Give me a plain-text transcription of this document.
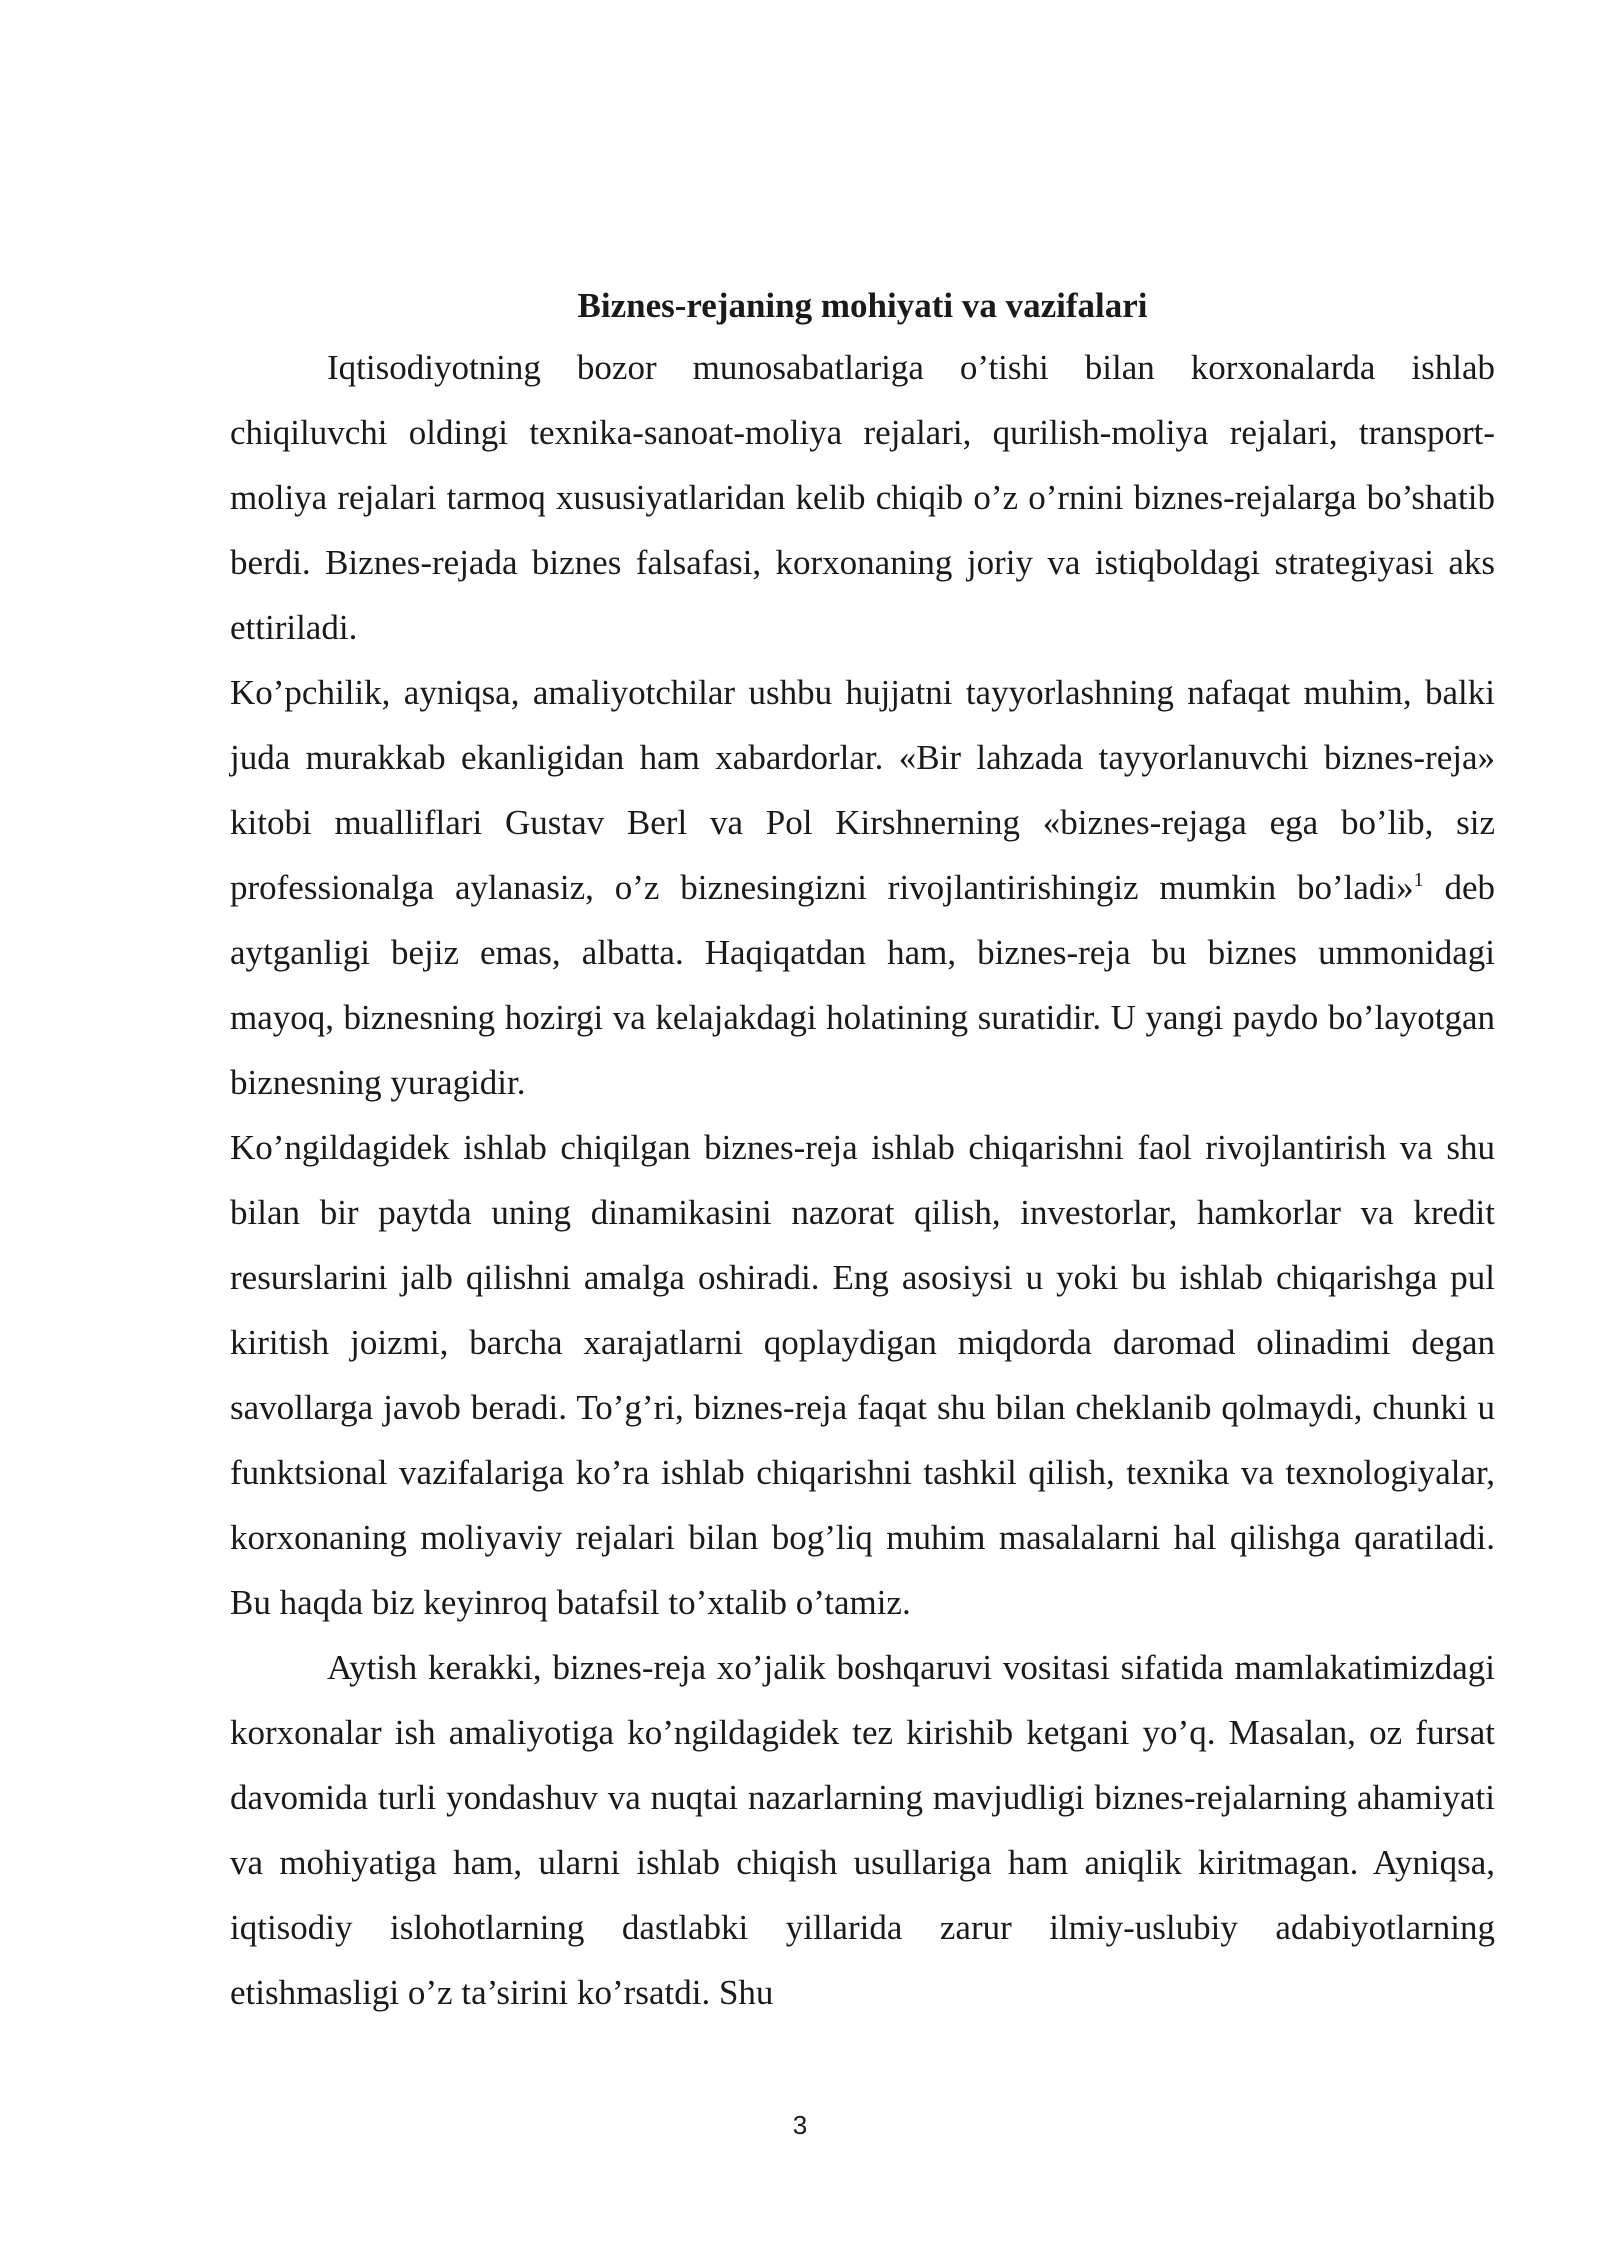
Biznes-rejaning mohiyati va vazifalari

Iqtisodiyotning bozor munosabatlariga o’tishi bilan korxonalarda ishlab chiqiluvchi oldingi texnika-sanoat-moliya rejalari, qurilish-moliya rejalari, transport-moliya rejalari tarmoq xususiyatlaridan kelib chiqib o’z o’rnini biznes-rejalarga bo’shatib berdi. Biznes-rejada biznes falsafasi, korxonaning joriy va istiqboldagi strategiyasi aks ettiriladi.

Ko’pchilik, ayniqsa, amaliyotchilar ushbu hujjatni tayyorlashning nafaqat muhim, balki juda murakkab ekanligidan ham xabardorlar. «Bir lahzada tayyorlanuvchi biznes-reja» kitobi mualliflari Gustav Berl va Pol Kirshnerning «biznes-rejaga ega bo’lib, siz professionalga aylanasiz, o’z biznesingizni rivojlantirishingiz mumkin bo’ladi»$^1$ deb aytganligi bejiz emas, albatta. Haqiqatdan ham, biznes-reja bu biznes ummonidagi mayoq, biznesning hozirgi va kelajakdagi holatining suratidir. U yangi paydo bo’layotgan biznesning yuragidir.

Ko’ngildagidek ishlab chiqilgan biznes-reja ishlab chiqarishni faol rivojlantirish va shu bilan bir paytda uning dinamikasini nazorat qilish, investorlar, hamkorlar va kredit resurslarini jalb qilishni amalga oshiradi. Eng asosiysi u yoki bu ishlab chiqarishga pul kiritish joizmi, barcha xarajatlarni qoplaydigan miqdorda daromad olinadimi degan savollarga javob beradi. To’g’ri, biznes-reja faqat shu bilan cheklanib qolmaydi, chunki u funktsional vazifalariga ko’ra ishlab chiqarishni tashkil qilish, texnika va texnologiyalar, korxonaning moliyaviy rejalari bilan bog’liq muhim masalalarni hal qilishga qaratiladi. Bu haqda biz keyinroq batafsil to’xtalib o’tamiz.

Aytish kerakki, biznes-reja xo’jalik boshqaruvi vositasi sifatida mamlakatimizdagi korxonalar ish amaliyotiga ko’ngildagidek tez kirishib ketgani yo’q. Masalan, oz fursat davomida turli yondashuv va nuqtai nazarlarning mavjudligi biznes-rejalarning ahamiyati va mohiyatiga ham, ularni ishlab chiqish usullariga ham aniqlik kiritmagan. Ayniqsa, iqtisodiy islohotlarning dastlabki yillarida zarur ilmiy-uslubiy adabiyotlarning etishmasligi o’z ta’sirini ko’rsatdi. Shu

3
